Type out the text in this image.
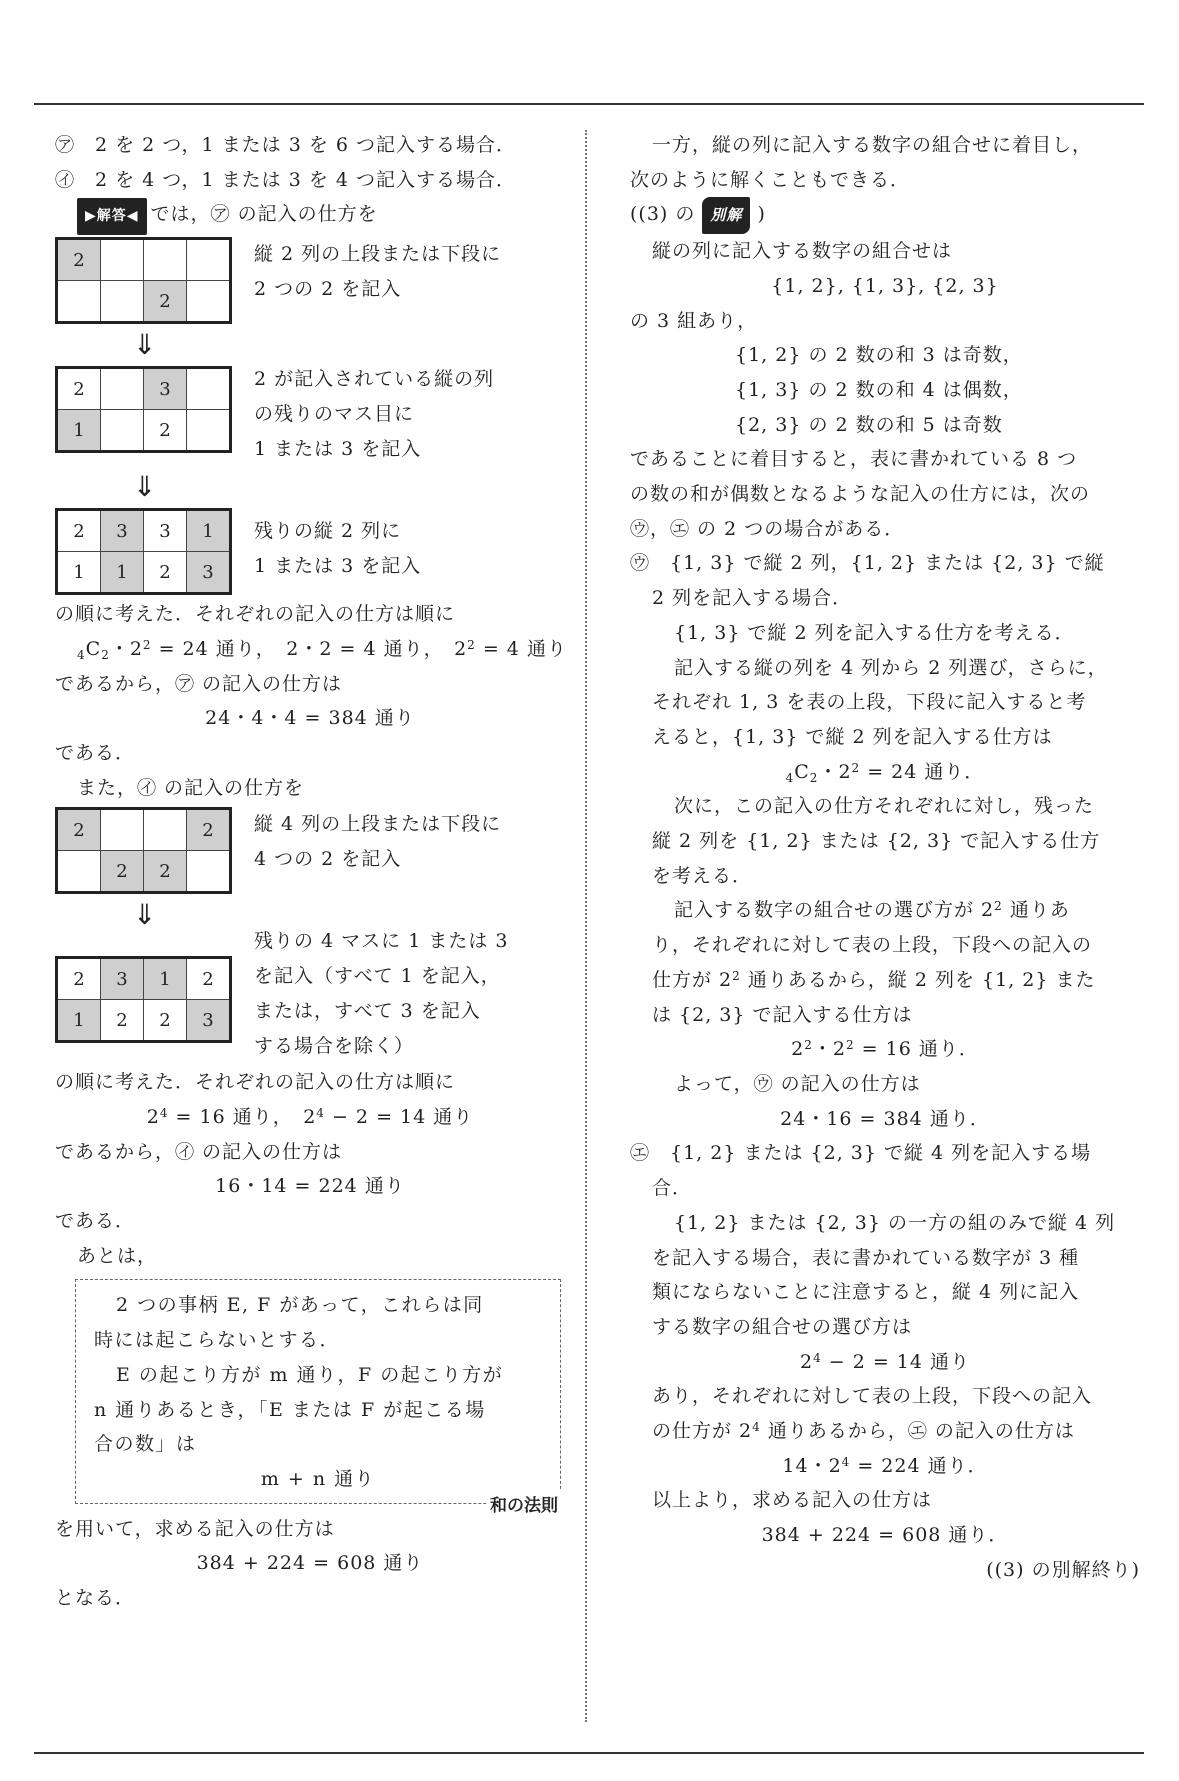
㋐　2 を 2 つ，1 または 3 を 6 つ記入する場合．
㋑　2 を 4 つ，1 または 3 を 4 つ記入する場合．
▶解答◀ では，㋐ の記入の仕方を
2			
		2	
縦 2 列の上段または下段に
2 つの 2 を記入
⇓
2		3	
1		2	
2 が記入されている縦の列
の残りのマス目に
1 または 3 を記入
⇓
2	3	3	1
1	1	2	3
残りの縦 2 列に
1 または 3 を記入
の順に考えた．それぞれの記入の仕方は順に
$_4C_2$・$2^2 = 24$ 通り，　2・2 = 4 通り，　$2^2 = 4$ 通り
であるから，㋐ の記入の仕方は
24・4・4 = 384 通り
である．
また，㋑ の記入の仕方を
2			2
	2	2	
縦 4 列の上段または下段に
4 つの 2 を記入
⇓
2	3	1	2
1	2	2	3
残りの 4 マスに 1 または 3
を記入（すべて 1 を記入，
または，すべて 3 を記入
する場合を除く）
の順に考えた．それぞれの記入の仕方は順に
$2^4 = 16$ 通り，　$2^4 - 2 = 14$ 通り
であるから，㋑ の記入の仕方は
16・14 = 224 通り
である．
あとは，
2 つの事柄 E, F があって，これらは同
時には起こらないとする．
E の起こり方が m 通り，F の起こり方が
n 通りあるとき，「E または F が起こる場
合の数」は
m + n 通り
和の法則
を用いて，求める記入の仕方は
384 + 224 = 608 通り
となる．
一方，縦の列に記入する数字の組合せに着目し，
次のように解くこともできる．
((3) の 別解 )
縦の列に記入する数字の組合せは
{1, 2}, {1, 3}, {2, 3}
の 3 組あり，
{1, 2} の 2 数の和 3 は奇数，
{1, 3} の 2 数の和 4 は偶数，
{2, 3} の 2 数の和 5 は奇数
であることに着目すると，表に書かれている 8 つ
の数の和が偶数となるような記入の仕方には，次の
㋒，㋓ の 2 つの場合がある．
㋒　{1, 3} で縦 2 列，{1, 2} または {2, 3} で縦
2 列を記入する場合．
{1, 3} で縦 2 列を記入する仕方を考える．
記入する縦の列を 4 列から 2 列選び，さらに，
それぞれ 1, 3 を表の上段，下段に記入すると考
えると，{1, 3} で縦 2 列を記入する仕方は
$_4C_2$・$2^2 = 24$ 通り．
次に，この記入の仕方それぞれに対し，残った
縦 2 列を {1, 2} または {2, 3} で記入する仕方
を考える．
記入する数字の組合せの選び方が $2^2$ 通りあ
り，それぞれに対して表の上段，下段への記入の
仕方が $2^2$ 通りあるから，縦 2 列を {1, 2} また
は {2, 3} で記入する仕方は
$2^2$・$2^2 = 16$ 通り．
よって，㋒ の記入の仕方は
24・16 = 384 通り．
㋓　{1, 2} または {2, 3} で縦 4 列を記入する場
合．
{1, 2} または {2, 3} の一方の組のみで縦 4 列
を記入する場合，表に書かれている数字が 3 種
類にならないことに注意すると，縦 4 列に記入
する数字の組合せの選び方は
$2^4 - 2 = 14$ 通り
あり，それぞれに対して表の上段，下段への記入
の仕方が $2^4$ 通りあるから，㋓ の記入の仕方は
14・$2^4 = 224$ 通り．
以上より，求める記入の仕方は
384 + 224 = 608 通り．
((3) の別解終り)
